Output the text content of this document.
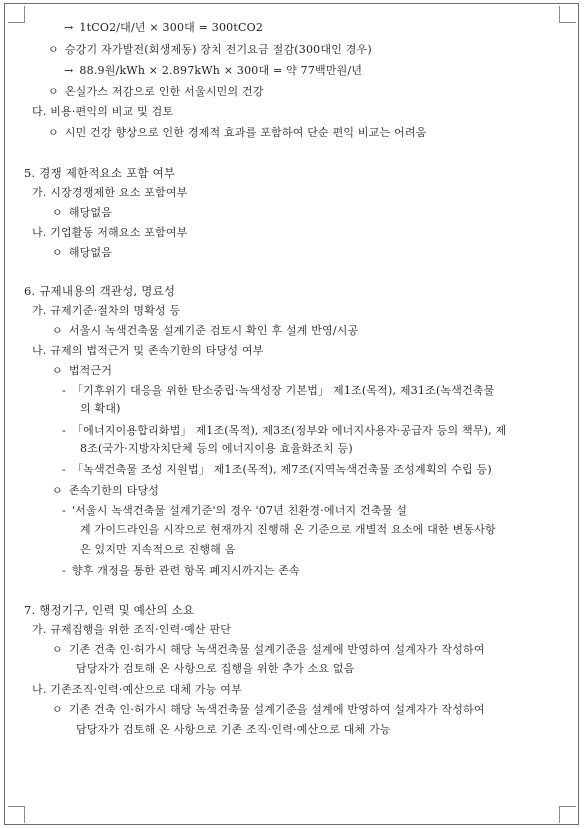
→ 1tCO2/대/년 × 300대 = 300tCO2
ㅇ 승강기 자가발전(회생제동) 장치 전기요금 절감(300대인 경우)
→ 88.9원/kWh × 2.897kWh × 300대 = 약 77백만원/년
ㅇ 온실가스 저감으로 인한 서울시민의 건강
다. 비용·편익의 비교 및 검토
ㅇ 시민 건강 향상으로 인한 경제적 효과를 포함하여 단순 편익 비교는 어려움
5. 경쟁 제한적요소 포함 여부
가. 시장경쟁제한 요소 포함여부
ㅇ 해당없음
나. 기업활동 저해요소 포함여부
ㅇ 해당없음
6. 규제내용의 객관성, 명료성
가. 규제기준·절차의 명확성 등
ㅇ 서울시 녹색건축물 설계기준 검토시 확인 후 설계 반영/시공
나. 규제의 법적근거 및 존속기한의 타당성 여부
ㅇ 법적근거
- 「기후위기 대응을 위한 탄소중립·녹색성장 기본법」 제1조(목적), 제31조(녹색건축물
의 확대)
- 「에너지이용합리화법」 제1조(목적), 제3조(정부와 에너지사용자·공급자 등의 책무), 제
8조(국가·지방자치단체 등의 에너지이용 효율화조치 등)
- 「녹색건축물 조성 지원법」 제1조(목적), 제7조(지역녹색건축물 조성계획의 수립 등)
ㅇ 존속기한의 타당성
- '서울시 녹색건축물 설계기준'의 경우 '07년 친환경·에너지 건축물 설
계 가이드라인을 시작으로 현재까지 진행해 온 기준으로 개별적 요소에 대한 변동사항
은 있지만 지속적으로 진행해 옴
- 향후 개정을 통한 관련 항목 폐지시까지는 존속
7. 행정기구, 인력 및 예산의 소요
가. 규제집행을 위한 조직·인력·예산 판단
ㅇ 기존 건축 인·허가시 해당 녹색건축물 설계기준을 설계에 반영하여 설계자가 작성하여
담당자가 검토해 온 사항으로 집행을 위한 추가 소요 없음
나. 기존조직·인력·예산으로 대체 가능 여부
ㅇ 기존 건축 인·허가시 해당 녹색건축물 설계기준을 설계에 반영하여 설계자가 작성하여
담당자가 검토해 온 사항으로 기존 조직·인력·예산으로 대체 가능
